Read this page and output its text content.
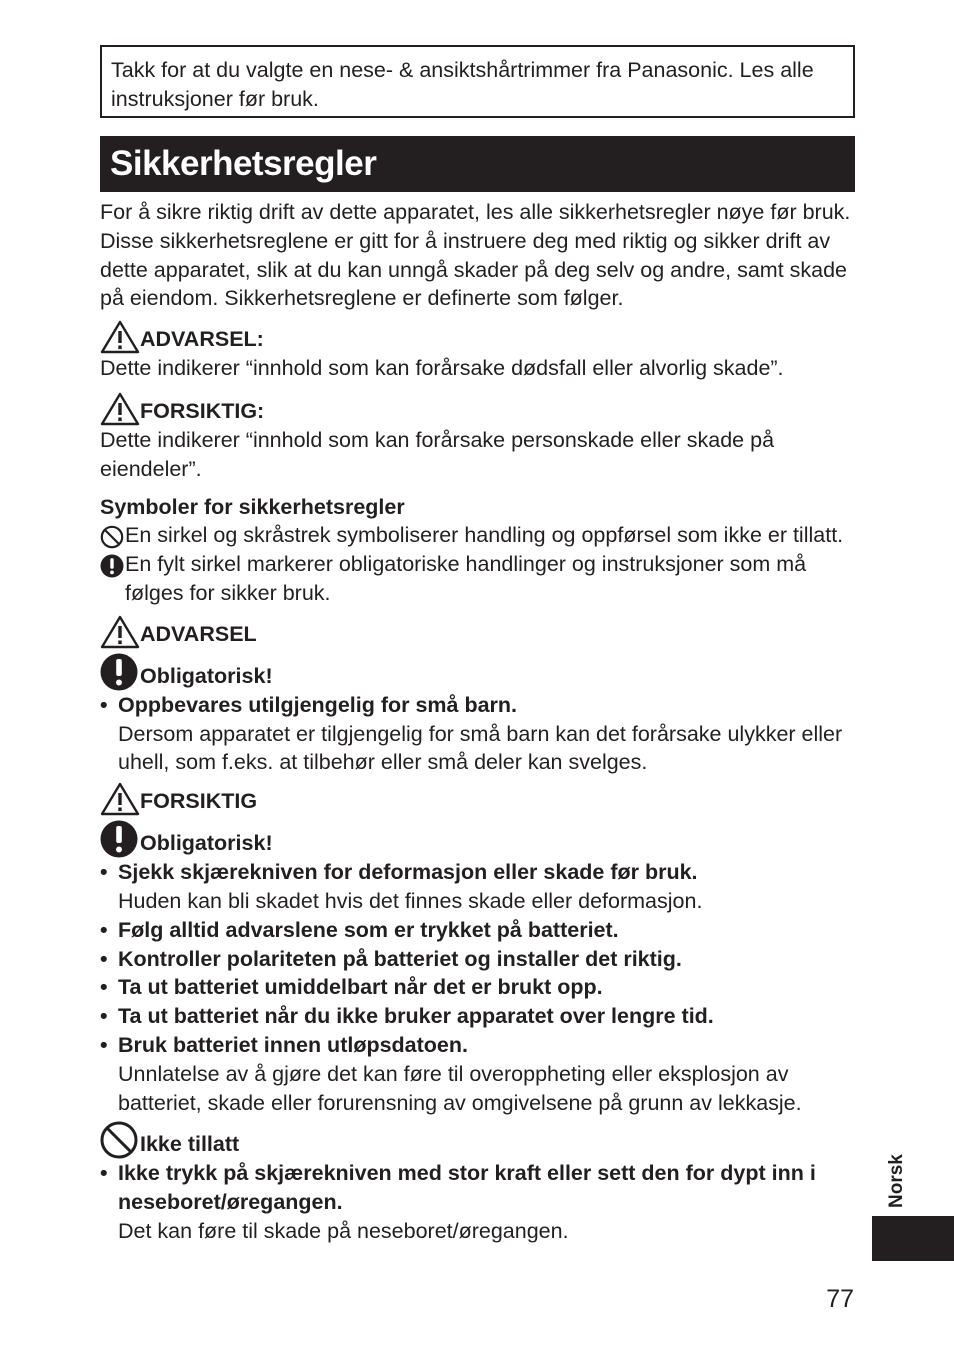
Takk for at du valgte en nese- & ansiktshårtrimmer fra Panasonic. Les alle instruksjoner før bruk.
Sikkerhetsregler

For å sikre riktig drift av dette apparatet, les alle sikkerhetsregler nøye før bruk.

Disse sikkerhetsreglene er gitt for å instruere deg med riktig og sikker drift av dette apparatet, slik at du kan unngå skader på deg selv og andre, samt skade på eiendom. Sikkerhetsreglene er definerte som følger.

ADVARSEL:

Dette indikerer “innhold som kan forårsake dødsfall eller alvorlig skade”.

FORSIKTIG:

Dette indikerer “innhold som kan forårsake personskade eller skade på eiendeler”.

Symboler for sikkerhetsregler

En sirkel og skråstrek symboliserer handling og oppførsel som ikke er tillatt.
En fylt sirkel markerer obligatoriske handlinger og instruksjoner som må følges for sikker bruk.
ADVARSEL
Obligatorisk!
• Oppbevares utilgjengelig for små barn.
Dersom apparatet er tilgjengelig for små barn kan det forårsake ulykker eller uhell, som f.eks. at tilbehør eller små deler kan svelges.
FORSIKTIG
Obligatorisk!
• Sjekk skjærekniven for deformasjon eller skade før bruk.
Huden kan bli skadet hvis det finnes skade eller deformasjon.
• Følg alltid advarslene som er trykket på batteriet.
• Kontroller polariteten på batteriet og installer det riktig.
• Ta ut batteriet umiddelbart når det er brukt opp.
• Ta ut batteriet når du ikke bruker apparatet over lengre tid.
• Bruk batteriet innen utløpsdatoen.
Unnlatelse av å gjøre det kan føre til overoppheting eller eksplosjon av batteriet, skade eller forurensning av omgivelsene på grunn av lekkasje.
Ikke tillatt
• Ikke trykk på skjærekniven med stor kraft eller sett den for dypt inn i neseboret/øregangen.
Det kan føre til skade på neseboret/øregangen.
Norsk
77
